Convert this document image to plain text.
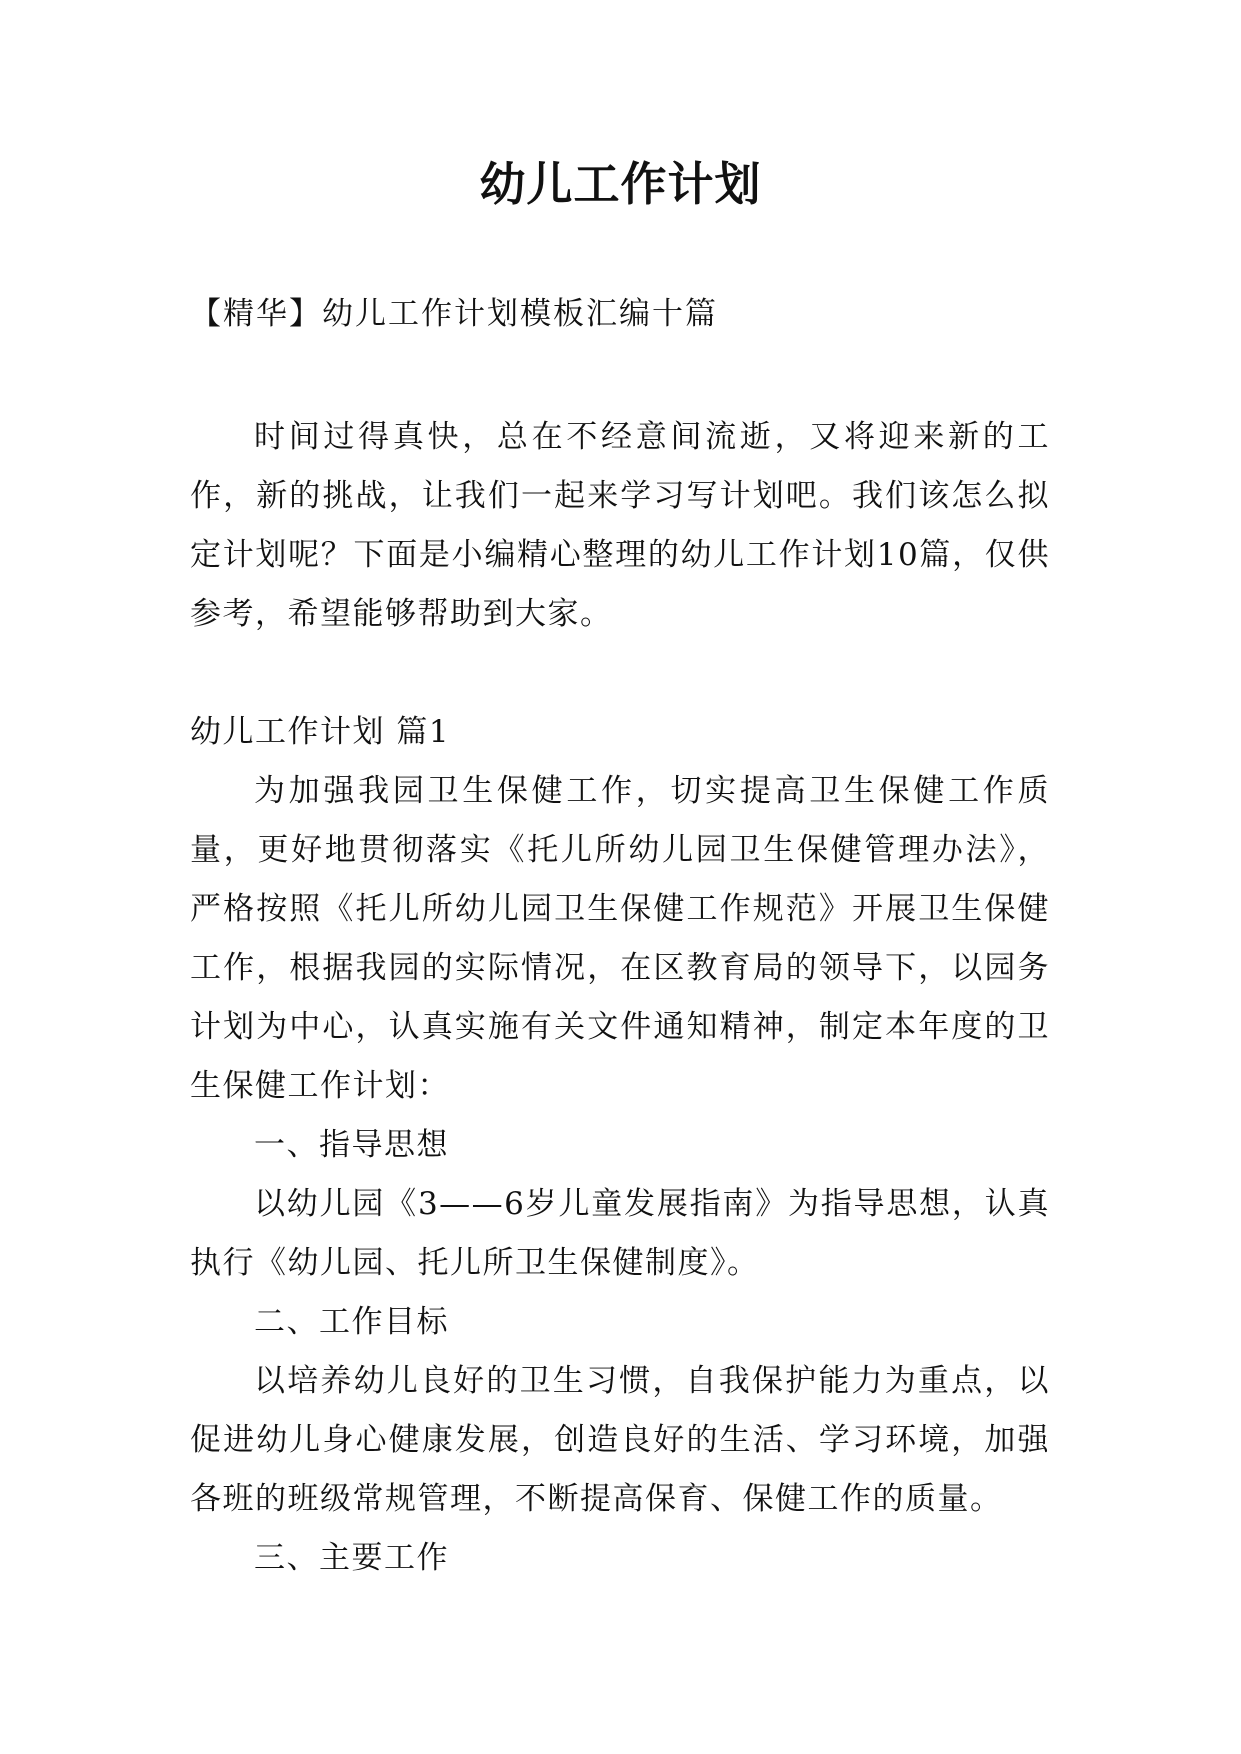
幼儿工作计划
【精华】幼儿工作计划模板汇编十篇

时间过得真快，总在不经意间流逝，又将迎来新的工作，新的挑战，让我们一起来学习写计划吧。我们该怎么拟定计划呢？下面是小编精心整理的幼儿工作计划10篇，仅供参考，希望能够帮助到大家。

幼儿工作计划 篇1

为加强我园卫生保健工作，切实提高卫生保健工作质量，更好地贯彻落实《托儿所幼儿园卫生保健管理办法》，严格按照《托儿所幼儿园卫生保健工作规范》开展卫生保健工作，根据我园的实际情况，在区教育局的领导下，以园务计划为中心，认真实施有关文件通知精神，制定本年度的卫生保健工作计划：

一、指导思想

以幼儿园《3——6岁儿童发展指南》为指导思想，认真执行《幼儿园、托儿所卫生保健制度》。

二、工作目标

以培养幼儿良好的卫生习惯，自我保护能力为重点，以促进幼儿身心健康发展，创造良好的生活、学习环境，加强各班的班级常规管理，不断提高保育、保健工作的质量。

三、主要工作
